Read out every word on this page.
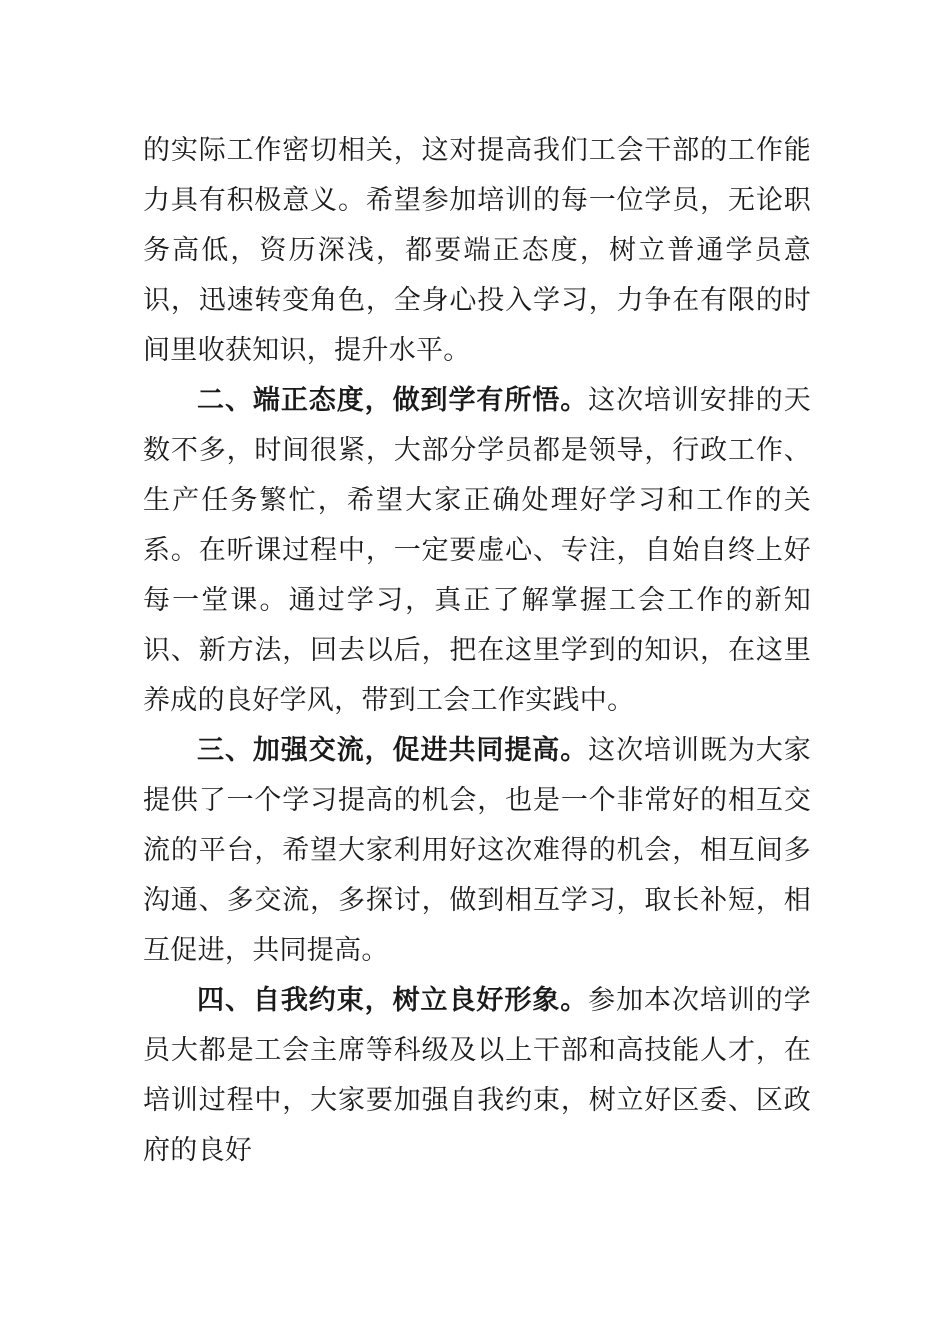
的实际工作密切相关，这对提高我们工会干部的工作能力具有积极意义。希望参加培训的每一位学员，无论职务高低，资历深浅，都要端正态度，树立普通学员意识，迅速转变角色，全身心投入学习，力争在有限的时间里收获知识，提升水平。

二、端正态度，做到学有所悟。这次培训安排的天数不多，时间很紧，大部分学员都是领导，行政工作、生产任务繁忙，希望大家正确处理好学习和工作的关系。在听课过程中，一定要虚心、专注，自始自终上好每一堂课。通过学习，真正了解掌握工会工作的新知识、新方法，回去以后，把在这里学到的知识，在这里养成的良好学风，带到工会工作实践中。

三、加强交流，促进共同提高。这次培训既为大家提供了一个学习提高的机会，也是一个非常好的相互交流的平台，希望大家利用好这次难得的机会，相互间多沟通、多交流，多探讨，做到相互学习，取长补短，相互促进，共同提高。

四、自我约束，树立良好形象。参加本次培训的学员大都是工会主席等科级及以上干部和高技能人才，在培训过程中，大家要加强自我约束，树立好区委、区政府的良好
